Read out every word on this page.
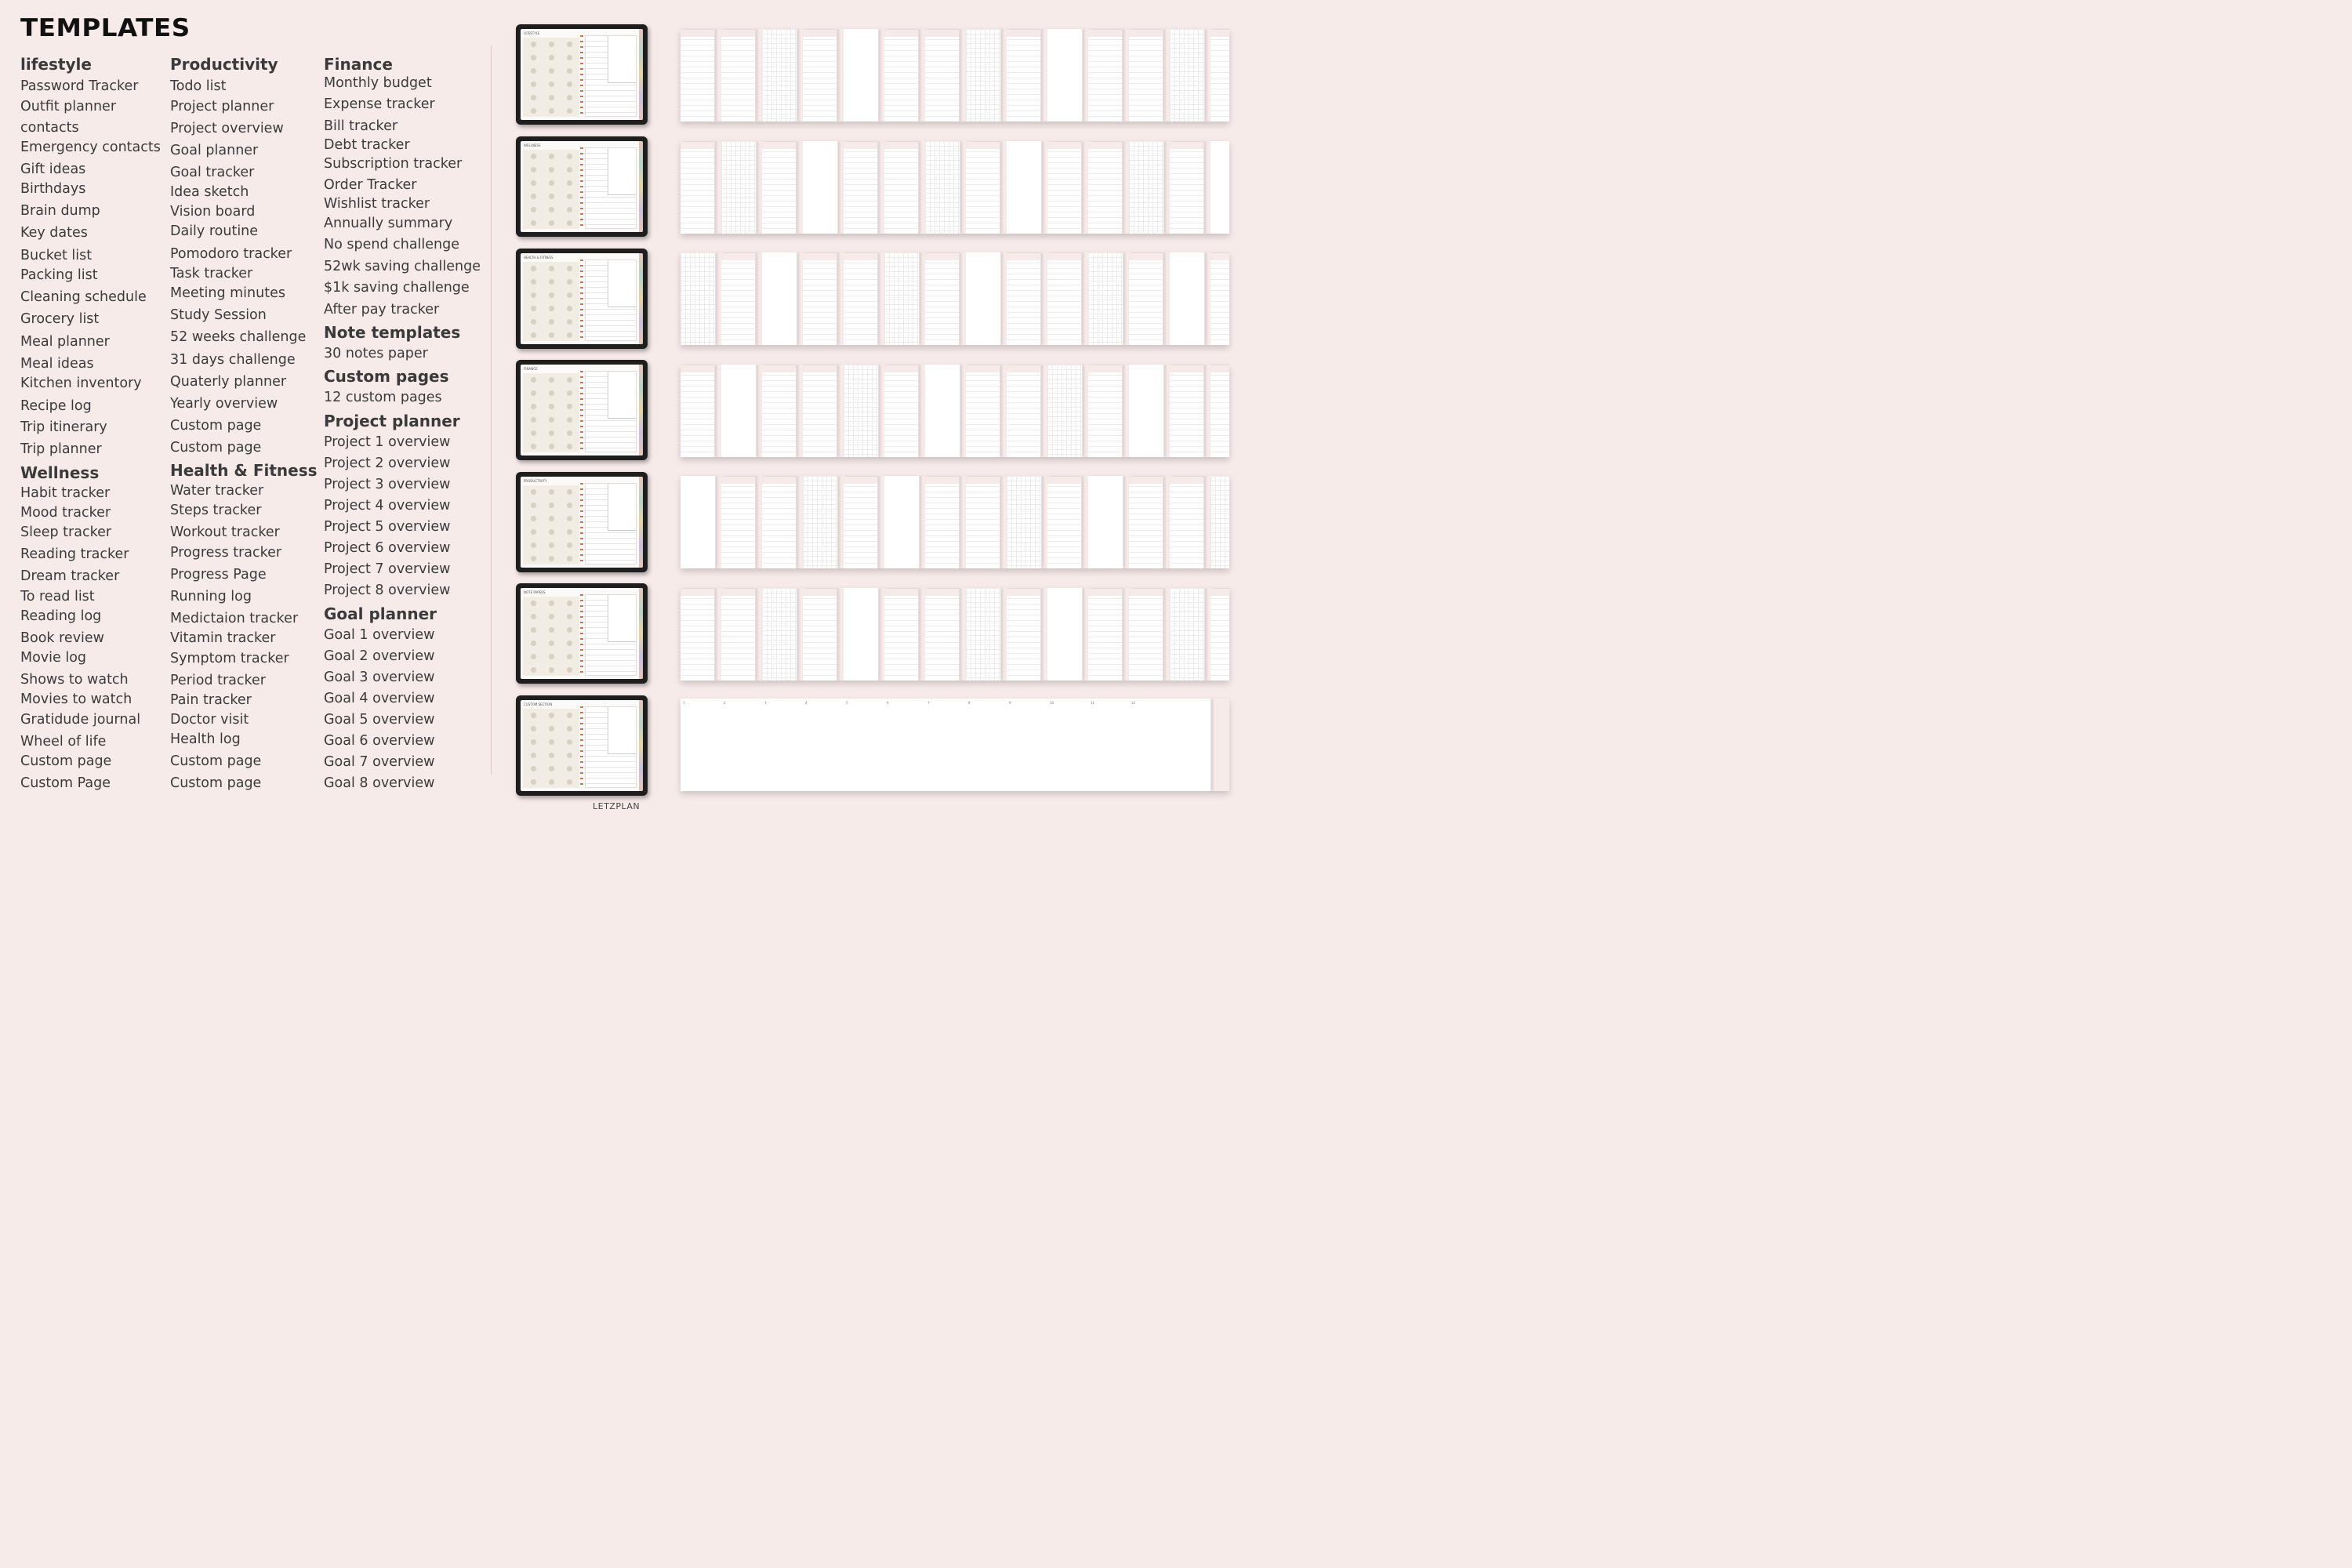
TEMPLATES
lifestyle
Password Tracker
Outfit planner
contacts
Emergency contacts
Gift ideas
Birthdays
Brain dump
Key dates
Bucket list
Packing list
Cleaning schedule
Grocery list
Meal planner
Meal ideas
Kitchen inventory
Recipe log
Trip itinerary
Trip planner
Wellness
Habit tracker
Mood tracker
Sleep tracker
Reading tracker
Dream tracker
To read list
Reading log
Book review
Movie log
Shows to watch
Movies to watch
Gratidude journal
Wheel of life
Custom page
Custom Page
Productivity
Todo list
Project planner
Project overview
Goal planner
Goal tracker
Idea sketch
Vision board
Daily routine
Pomodoro tracker
Task tracker
Meeting minutes
Study Session
52 weeks challenge
31 days challenge
Quaterly planner
Yearly overview
Custom page
Custom page
Health & Fitness
Water tracker
Steps tracker
Workout tracker
Progress tracker
Progress Page
Running log
Medictaion tracker
Vitamin tracker
Symptom tracker
Period tracker
Pain tracker
Doctor visit
Health log
Custom page
Custom page
Finance
Monthly budget
Expense tracker
Bill tracker
Debt tracker
Subscription tracker
Order Tracker
Wishlist tracker
Annually summary
No spend challenge
52wk saving challenge
$1k saving challenge
After pay tracker
Note templates
30 notes paper
Custom pages
12 custom pages
Project planner
Project 1 overview
Project 2 overview
Project 3 overview
Project 4 overview
Project 5 overview
Project 6 overview
Project 7 overview
Project 8 overview
Goal planner
Goal 1 overview
Goal 2 overview
Goal 3 overview
Goal 4 overview
Goal 5 overview
Goal 6 overview
Goal 7 overview
Goal 8 overview
LIFESTYLE
WELLNESS
HEALTH & FITNESS
FINANCE
PRODUCTIVITY
NOTE PAPERS
CUSTOM SECTION	1	2	3	4	5	6	7	8	9	10	11	12
LETZPLAN
